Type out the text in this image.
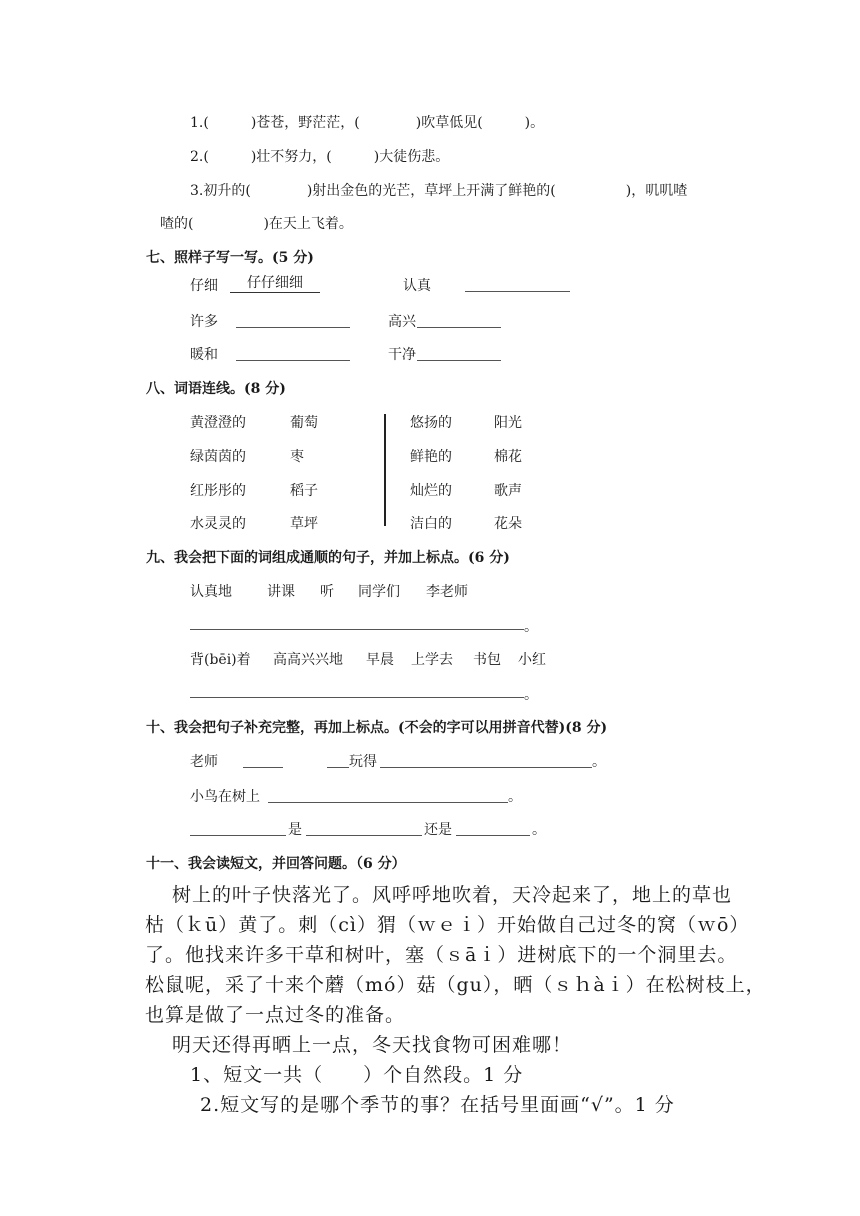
1.(　　　)苍苍，野茫茫，(　　　　)吹草低见(　　　)。
2.(　　　)壮不努力，(　　　)大徒伤悲。
3.初升的(　　　　)射出金色的光芒，草坪上开满了鲜艳的(　　　　　)，叽叽喳
喳的(　　　　　)在天上飞着。
七、照样子写一写。(5 分)
仔细	仔仔细细	认真
许多	高兴
暖和	干净
八、词语连线。(8 分)
黄澄澄的	葡萄
绿茵茵的	枣
红彤彤的	稻子
水灵灵的	草坪
悠扬的	阳光
鲜艳的	棉花
灿烂的	歌声
洁白的	花朵
九、我会把下面的词组成通顺的句子，并加上标点。(6 分)
认真地	讲课 听 同学们 李老师
。
背(bēi)着 高高兴兴地 早晨 上学去 书包 小红
。
十、我会把句子补充完整，再加上标点。(不会的字可以用拼音代替)(8 分)
老师	玩得	。
小鸟在树上	。
是	还是	。
十一、我会读短文，并回答问题。（6 分）
树上的叶子快落光了。风呼呼地吹着，天冷起来了，地上的草也
枯（ｋū）黄了。刺（cì）猬（ｗｅｉ）开始做自己过冬的窝（ｗō）
了。他找来许多干草和树叶，塞（ｓāｉ）进树底下的一个洞里去。
松鼠呢，采了十来个蘑（mó）菇（gu），晒（ｓｈàｉ）在松树枝上，
也算是做了一点过冬的准备。
明天还得再晒上一点，冬天找食物可困难哪！
1、短文一共（　　）个自然段。1 分
2.短文写的是哪个季节的事？在括号里面画“√”。1 分
